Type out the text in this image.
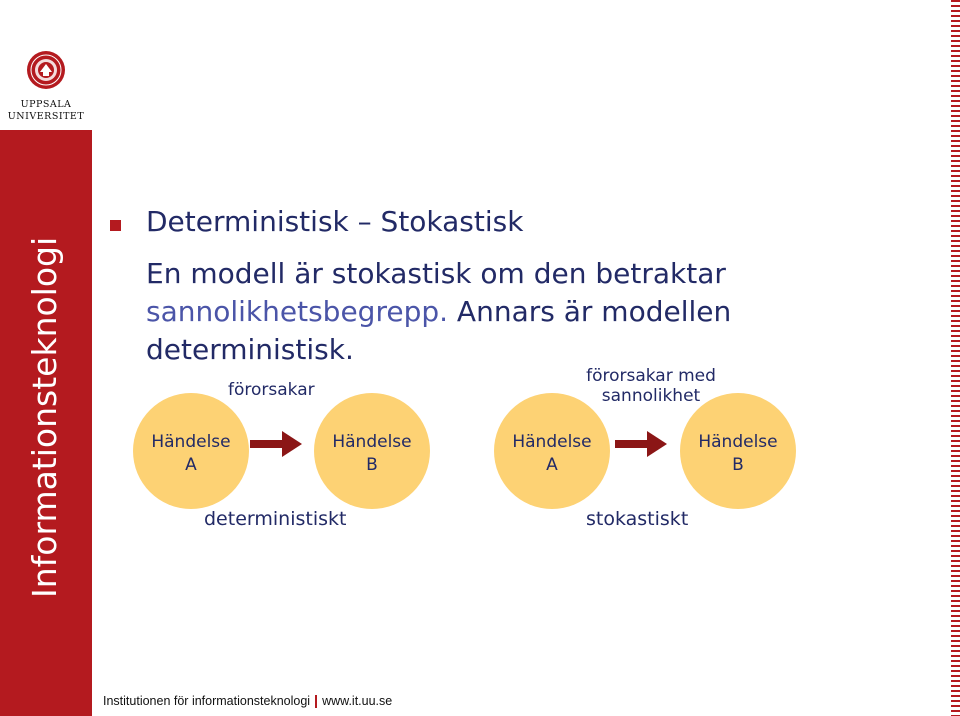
UPPSALA
UNIVERSITET
Informationsteknologi
Deterministisk – Stokastisk
En modell är stokastisk om den betraktar
sannolikhetsbegrepp. Annars är modellen deterministisk.
förorsakar
Händelse
A
Händelse
B
deterministiskt
förorsakar med
sannolikhet
Händelse
A
Händelse
B
stokastiskt
Institutionen för informationsteknologi www.it.uu.se
